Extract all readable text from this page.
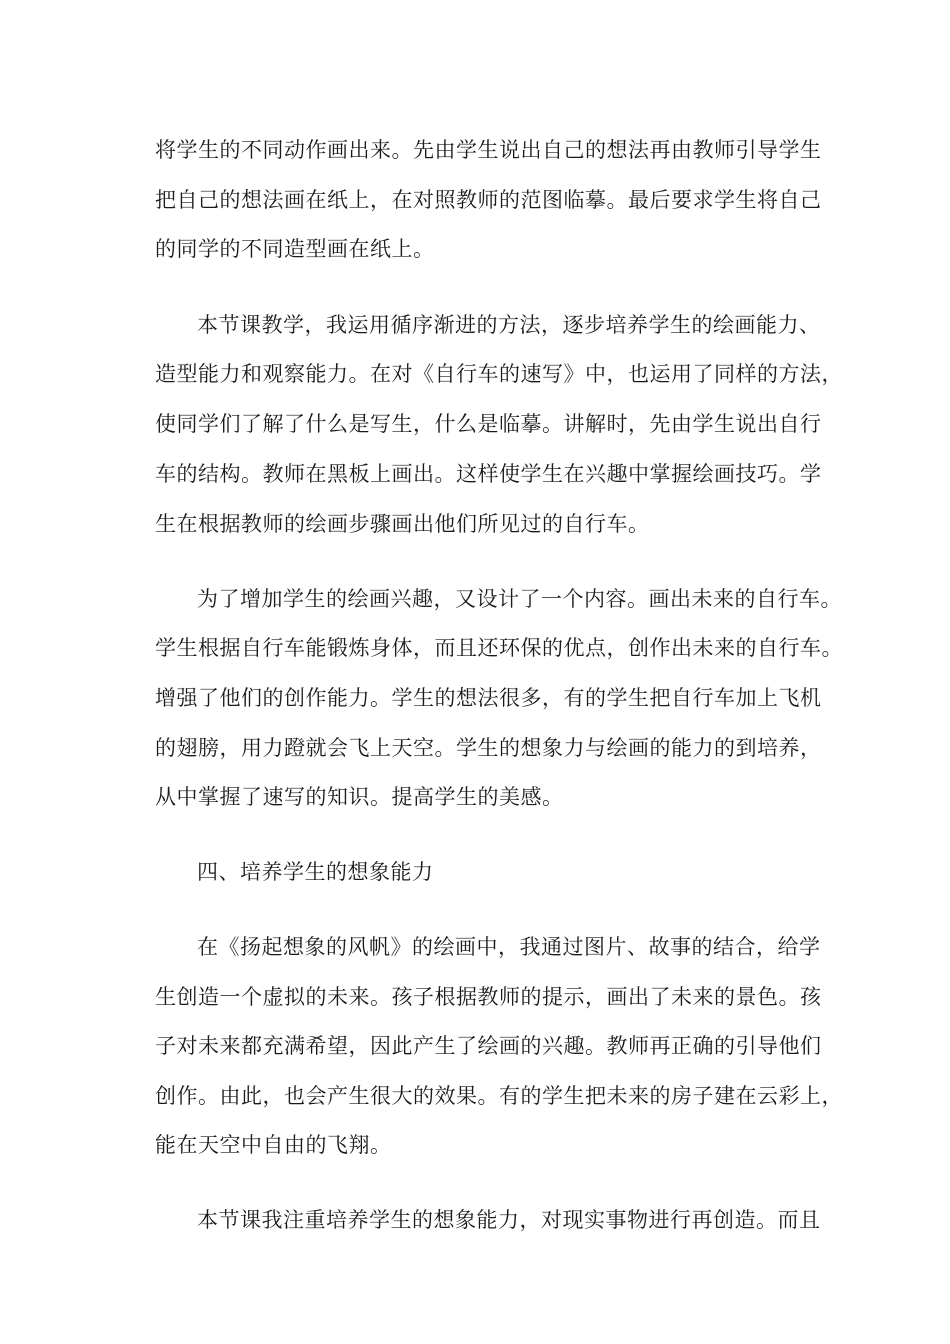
将学生的不同动作画出来。先由学生说出自己的想法再由教师引导学生
把自己的想法画在纸上，在对照教师的范图临摹。最后要求学生将自己
的同学的不同造型画在纸上。
本节课教学，我运用循序渐进的方法，逐步培养学生的绘画能力、
造型能力和观察能力。在对《自行车的速写》中，也运用了同样的方法，
使同学们了解了什么是写生，什么是临摹。讲解时，先由学生说出自行
车的结构。教师在黑板上画出。这样使学生在兴趣中掌握绘画技巧。学
生在根据教师的绘画步骤画出他们所见过的自行车。
为了增加学生的绘画兴趣，又设计了一个内容。画出未来的自行车。
学生根据自行车能锻炼身体，而且还环保的优点，创作出未来的自行车。
增强了他们的创作能力。学生的想法很多，有的学生把自行车加上飞机
的翅膀，用力蹬就会飞上天空。学生的想象力与绘画的能力的到培养，
从中掌握了速写的知识。提高学生的美感。
四、培养学生的想象能力
在《扬起想象的风帆》的绘画中，我通过图片、故事的结合，给学
生创造一个虚拟的未来。孩子根据教师的提示，画出了未来的景色。孩
子对未来都充满希望，因此产生了绘画的兴趣。教师再正确的引导他们
创作。由此，也会产生很大的效果。有的学生把未来的房子建在云彩上，
能在天空中自由的飞翔。
本节课我注重培养学生的想象能力，对现实事物进行再创造。而且
